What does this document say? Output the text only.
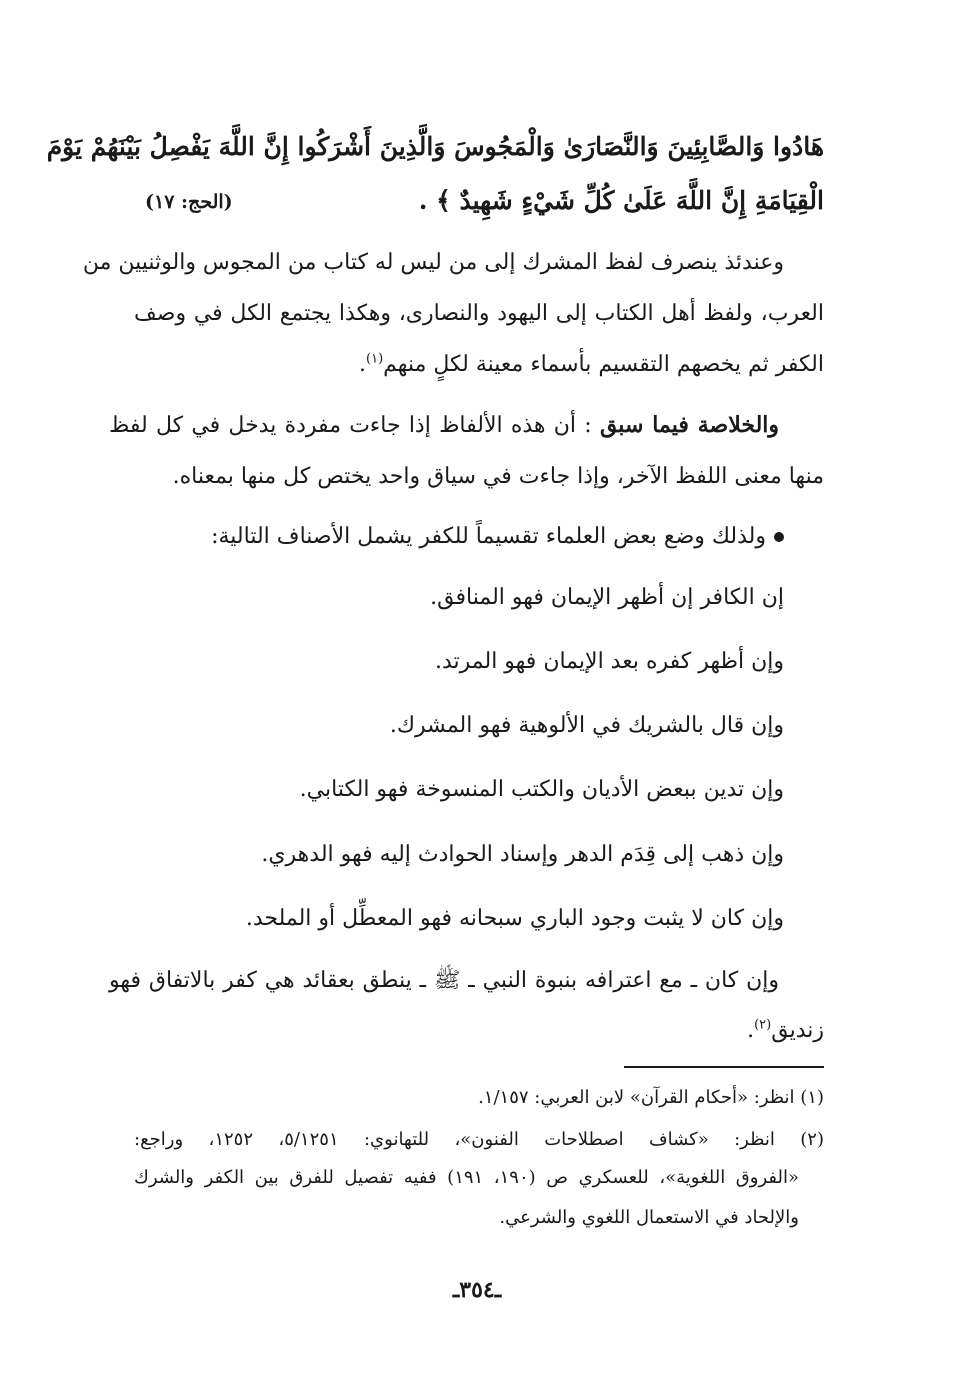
هَادُوا وَالصَّابِئِينَ وَالنَّصَارَىٰ وَالْمَجُوسَ وَالَّذِينَ أَشْرَكُوا إِنَّ اللَّهَ يَفْصِلُ بَيْنَهُمْ يَوْمَ
الْقِيَامَةِ إِنَّ اللَّهَ عَلَىٰ كُلِّ شَيْءٍ شَهِيدٌ ﴾ .
(الحج: ١٧)
وعندئذ ينصرف لفظ المشرك إلى من ليس له كتاب من المجوس والوثنيين من
العرب، ولفظ أهل الكتاب إلى اليهود والنصارى، وهكذا يجتمع الكل في وصف
الكفر ثم يخصهم التقسيم بأسماء معينة لكلٍ منهم$^{(١)}$.
والخلاصة فيما سبق : أن هذه الألفاظ إذا جاءت مفردة يدخل في كل لفظ
منها معنى اللفظ الآخر، وإذا جاءت في سياق واحد يختص كل منها بمعناه.
ولذلك وضع بعض العلماء تقسيماً للكفر يشمل الأصناف التالية:
إن الكافر إن أظهر الإيمان فهو المنافق.
وإن أظهر كفره بعد الإيمان فهو المرتد.
وإن قال بالشريك في الألوهية فهو المشرك.
وإن تدين ببعض الأديان والكتب المنسوخة فهو الكتابي.
وإن ذهب إلى قِدَم الدهر وإسناد الحوادث إليه فهو الدهري.
وإن كان لا يثبت وجود الباري سبحانه فهو المعطِّل أو الملحد.
وإن كان ـ مع اعترافه بنبوة النبي ـ ﷺ ـ ينطق بعقائد هي كفر بالاتفاق فهو
زنديق$^{(٢)}$.
(١) انظر: «أحكام القرآن» لابن العربي: ١/١٥٧.
(٢) انظر: «كشاف اصطلاحات الفنون»، للتهانوي: ٥/١٢٥١، ١٢٥٢، وراجع:
«الفروق اللغوية»، للعسكري ص (١٩٠، ١٩١) ففيه تفصيل للفرق بين الكفر والشرك
والإلحاد في الاستعمال اللغوي والشرعي.
ـ٣٥٤ـ
